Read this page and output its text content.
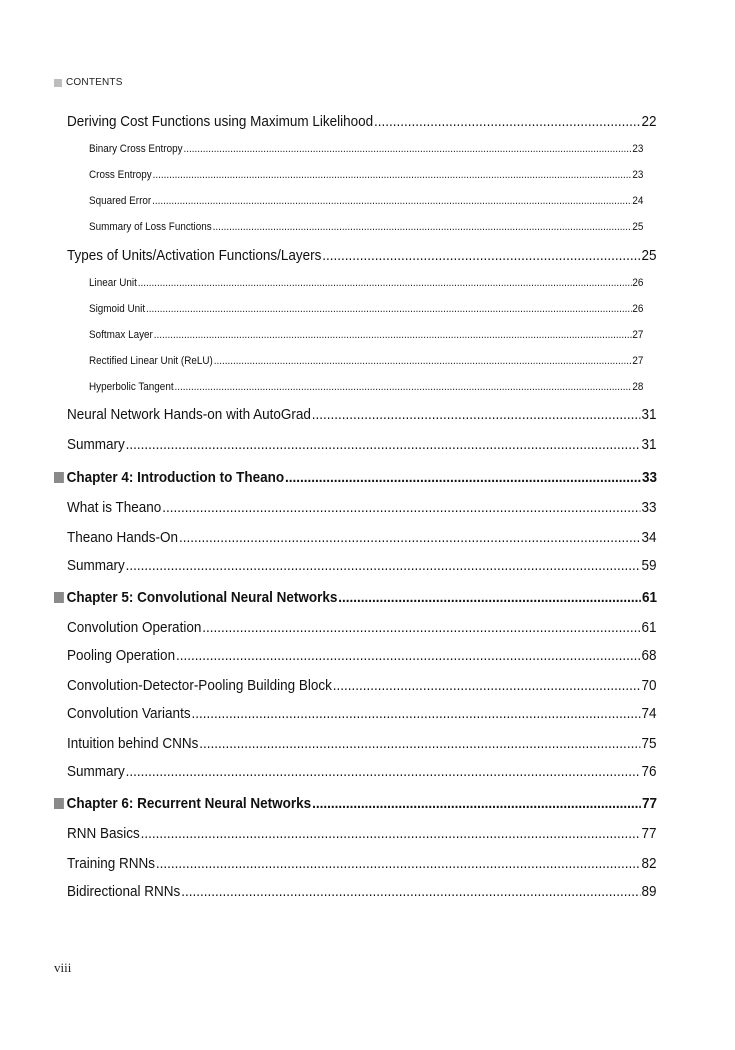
CONTENTS
Deriving Cost Functions using Maximum Likelihood .....	22
Binary Cross Entropy .....	23
Cross Entropy .....	23
Squared Error .....	24
Summary of Loss Functions .....	25
Types of Units/Activation Functions/Layers .....	25
Linear Unit .....	26
Sigmoid Unit .....	26
Softmax Layer .....	27
Rectified Linear Unit (ReLU) .....	27
Hyperbolic Tangent .....	28
Neural Network Hands-on with AutoGrad .....	31
Summary .....	31
Chapter 4: Introduction to Theano .....	33
What is Theano .....	33
Theano Hands-On .....	34
Summary .....	59
Chapter 5: Convolutional Neural Networks .....	61
Convolution Operation .....	61
Pooling Operation .....	68
Convolution-Detector-Pooling Building Block .....	70
Convolution Variants .....	74
Intuition behind CNNs .....	75
Summary .....	76
Chapter 6: Recurrent Neural Networks .....	77
RNN Basics .....	77
Training RNNs .....	82
Bidirectional RNNs .....	89
viii
